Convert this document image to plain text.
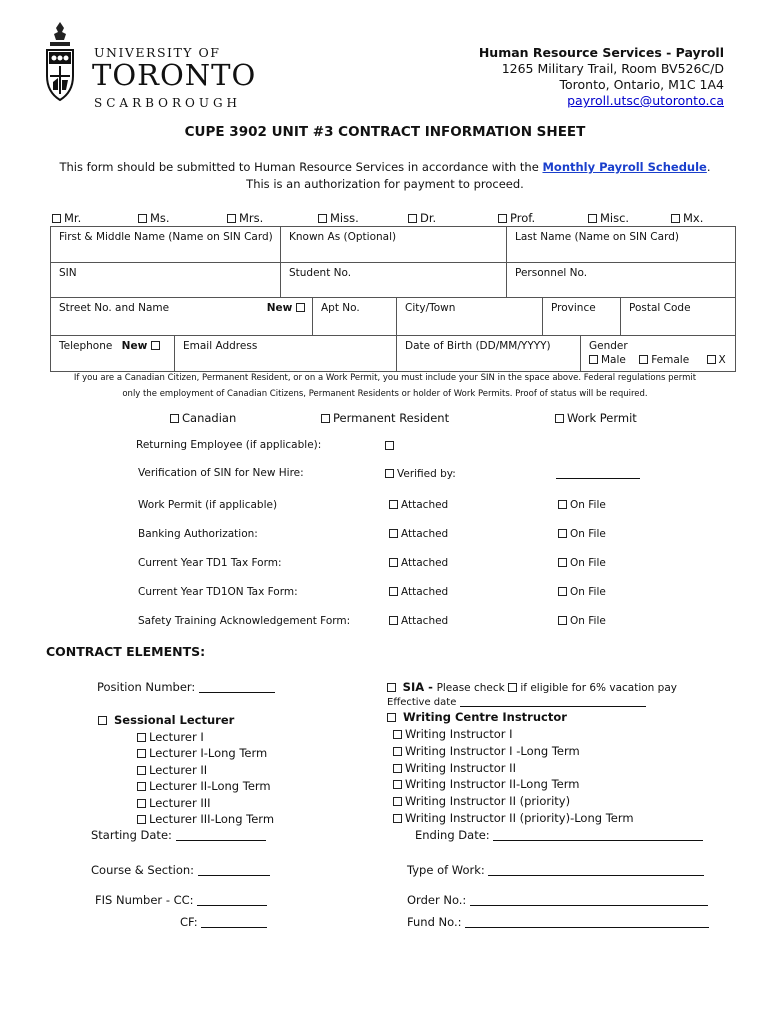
UNIVERSITY OF
TORONTO
SCARBOROUGH
Human Resource Services - Payroll
1265 Military Trail, Room BV526C/D
Toronto, Ontario, M1C 1A4
payroll.utsc@utoronto.ca
CUPE 3902 UNIT #3 CONTRACT INFORMATION SHEET
This form should be submitted to Human Resource Services in accordance with the Monthly Payroll Schedule.
This is an authorization for payment to proceed.
Mr.	Ms.	Mrs.	Miss.	Dr.	Prof.	Misc.	Mx.
First & Middle Name (Name on SIN Card)	Known As (Optional)	Last Name (Name on SIN Card)
SIN	Student No.	Personnel No.
Street No. and Name	New	Apt No.	City/Town	Province	Postal Code
Telephone New	Email Address	Date of Birth (DD/MM/YYYY)	Gender
Male Female	X
If you are a Canadian Citizen, Permanent Resident, or on a Work Permit, you must include your SIN in the space above. Federal regulations permit
only the employment of Canadian Citizens, Permanent Residents or holder of Work Permits. Proof of status will be required.
Canadian	Permanent Resident	Work Permit
Returning Employee (if applicable):
Verification of SIN for New Hire:	Verified by:
Work Permit (if applicable)	Attached	On File
Banking Authorization:	Attached	On File
Current Year TD1 Tax Form:	Attached	On File
Current Year TD1ON Tax Form:	Attached	On File
Safety Training Acknowledgement Form:	Attached	On File
CONTRACT ELEMENTS:
Position Number:	SIA - Please check if eligible for 6% vacation pay
Effective date
Sessional Lecturer	Writing Centre Instructor
Lecturer I
Lecturer I-Long Term
Lecturer II
Lecturer II-Long Term
Lecturer III
Lecturer III-Long Term
Writing Instructor I
Writing Instructor I -Long Term
Writing Instructor II
Writing Instructor II-Long Term
Writing Instructor II (priority)
Writing Instructor II (priority)-Long Term
Starting Date:	Ending Date:
Course & Section:	Type of Work:
FIS Number - CC:	Order No.:
CF:	Fund No.:
